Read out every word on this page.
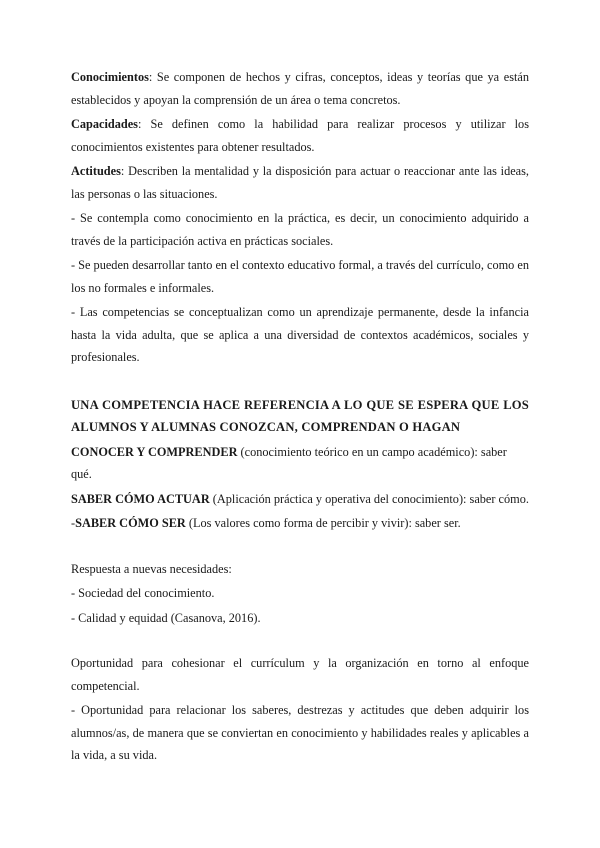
Conocimientos: Se componen de hechos y cifras, conceptos, ideas y teorías que ya están establecidos y apoyan la comprensión de un área o tema concretos.

Capacidades: Se definen como la habilidad para realizar procesos y utilizar los conocimientos existentes para obtener resultados.

Actitudes: Describen la mentalidad y la disposición para actuar o reaccionar ante las ideas, las personas o las situaciones.

- Se contempla como conocimiento en la práctica, es decir, un conocimiento adquirido a través de la participación activa en prácticas sociales.

- Se pueden desarrollar tanto en el contexto educativo formal, a través del currículo, como en los no formales e informales.

- Las competencias se conceptualizan como un aprendizaje permanente, desde la infancia hasta la vida adulta, que se aplica a una diversidad de contextos académicos, sociales y profesionales.

UNA COMPETENCIA HACE REFERENCIA A LO QUE SE ESPERA QUE LOS ALUMNOS Y ALUMNAS CONOZCAN, COMPRENDAN O HAGAN

CONOCER Y COMPRENDER (conocimiento teórico en un campo académico): saber qué.

SABER CÓMO ACTUAR (Aplicación práctica y operativa del conocimiento): saber cómo.

-SABER CÓMO SER (Los valores como forma de percibir y vivir): saber ser.

Respuesta a nuevas necesidades:

- Sociedad del conocimiento.

- Calidad y equidad (Casanova, 2016).

Oportunidad para cohesionar el currículum y la organización en torno al enfoque competencial.

- Oportunidad para relacionar los saberes, destrezas y actitudes que deben adquirir los alumnos/as, de manera que se conviertan en conocimiento y habilidades reales y aplicables a la vida, a su vida.
